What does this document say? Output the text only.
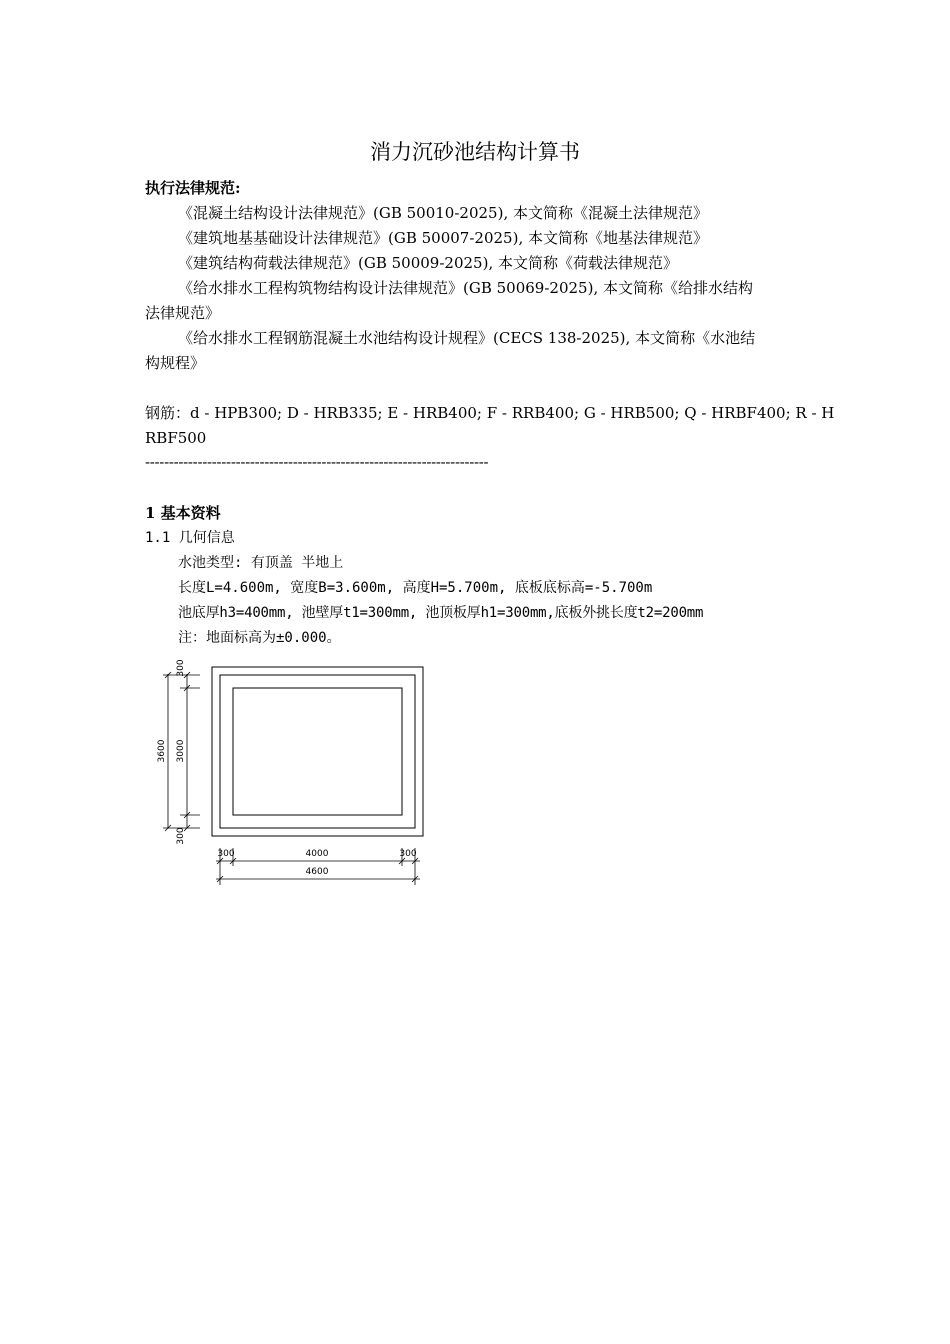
消力沉砂池结构计算书
执行法律规范:
《混凝土结构设计法律规范》(GB 50010-2025), 本文简称《混凝土法律规范》
《建筑地基基础设计法律规范》(GB 50007-2025), 本文简称《地基法律规范》
《建筑结构荷载法律规范》(GB 50009-2025), 本文简称《荷载法律规范》
《给水排水工程构筑物结构设计法律规范》(GB 50069-2025), 本文简称《给排水结构
法律规范》
《给水排水工程钢筋混凝土水池结构设计规程》(CECS 138-2025), 本文简称《水池结
构规程》
钢筋：d - HPB300; D - HRB335; E - HRB400; F - RRB400; G - HRB500; Q - HRBF400; R - H
RBF500
------------------------------------------------------------------------
1 基本资料
1.1 几何信息
水池类型: 有顶盖 半地上
长度L=4.600m, 宽度B=3.600m, 高度H=5.700m, 底板底标高=-5.700m
池底厚h3=400mm, 池壁厚t1=300mm, 池顶板厚h1=300mm,底板外挑长度t2=200mm
注：地面标高为±0.000。
300
3000
300
3600
300	4000	300
4600
